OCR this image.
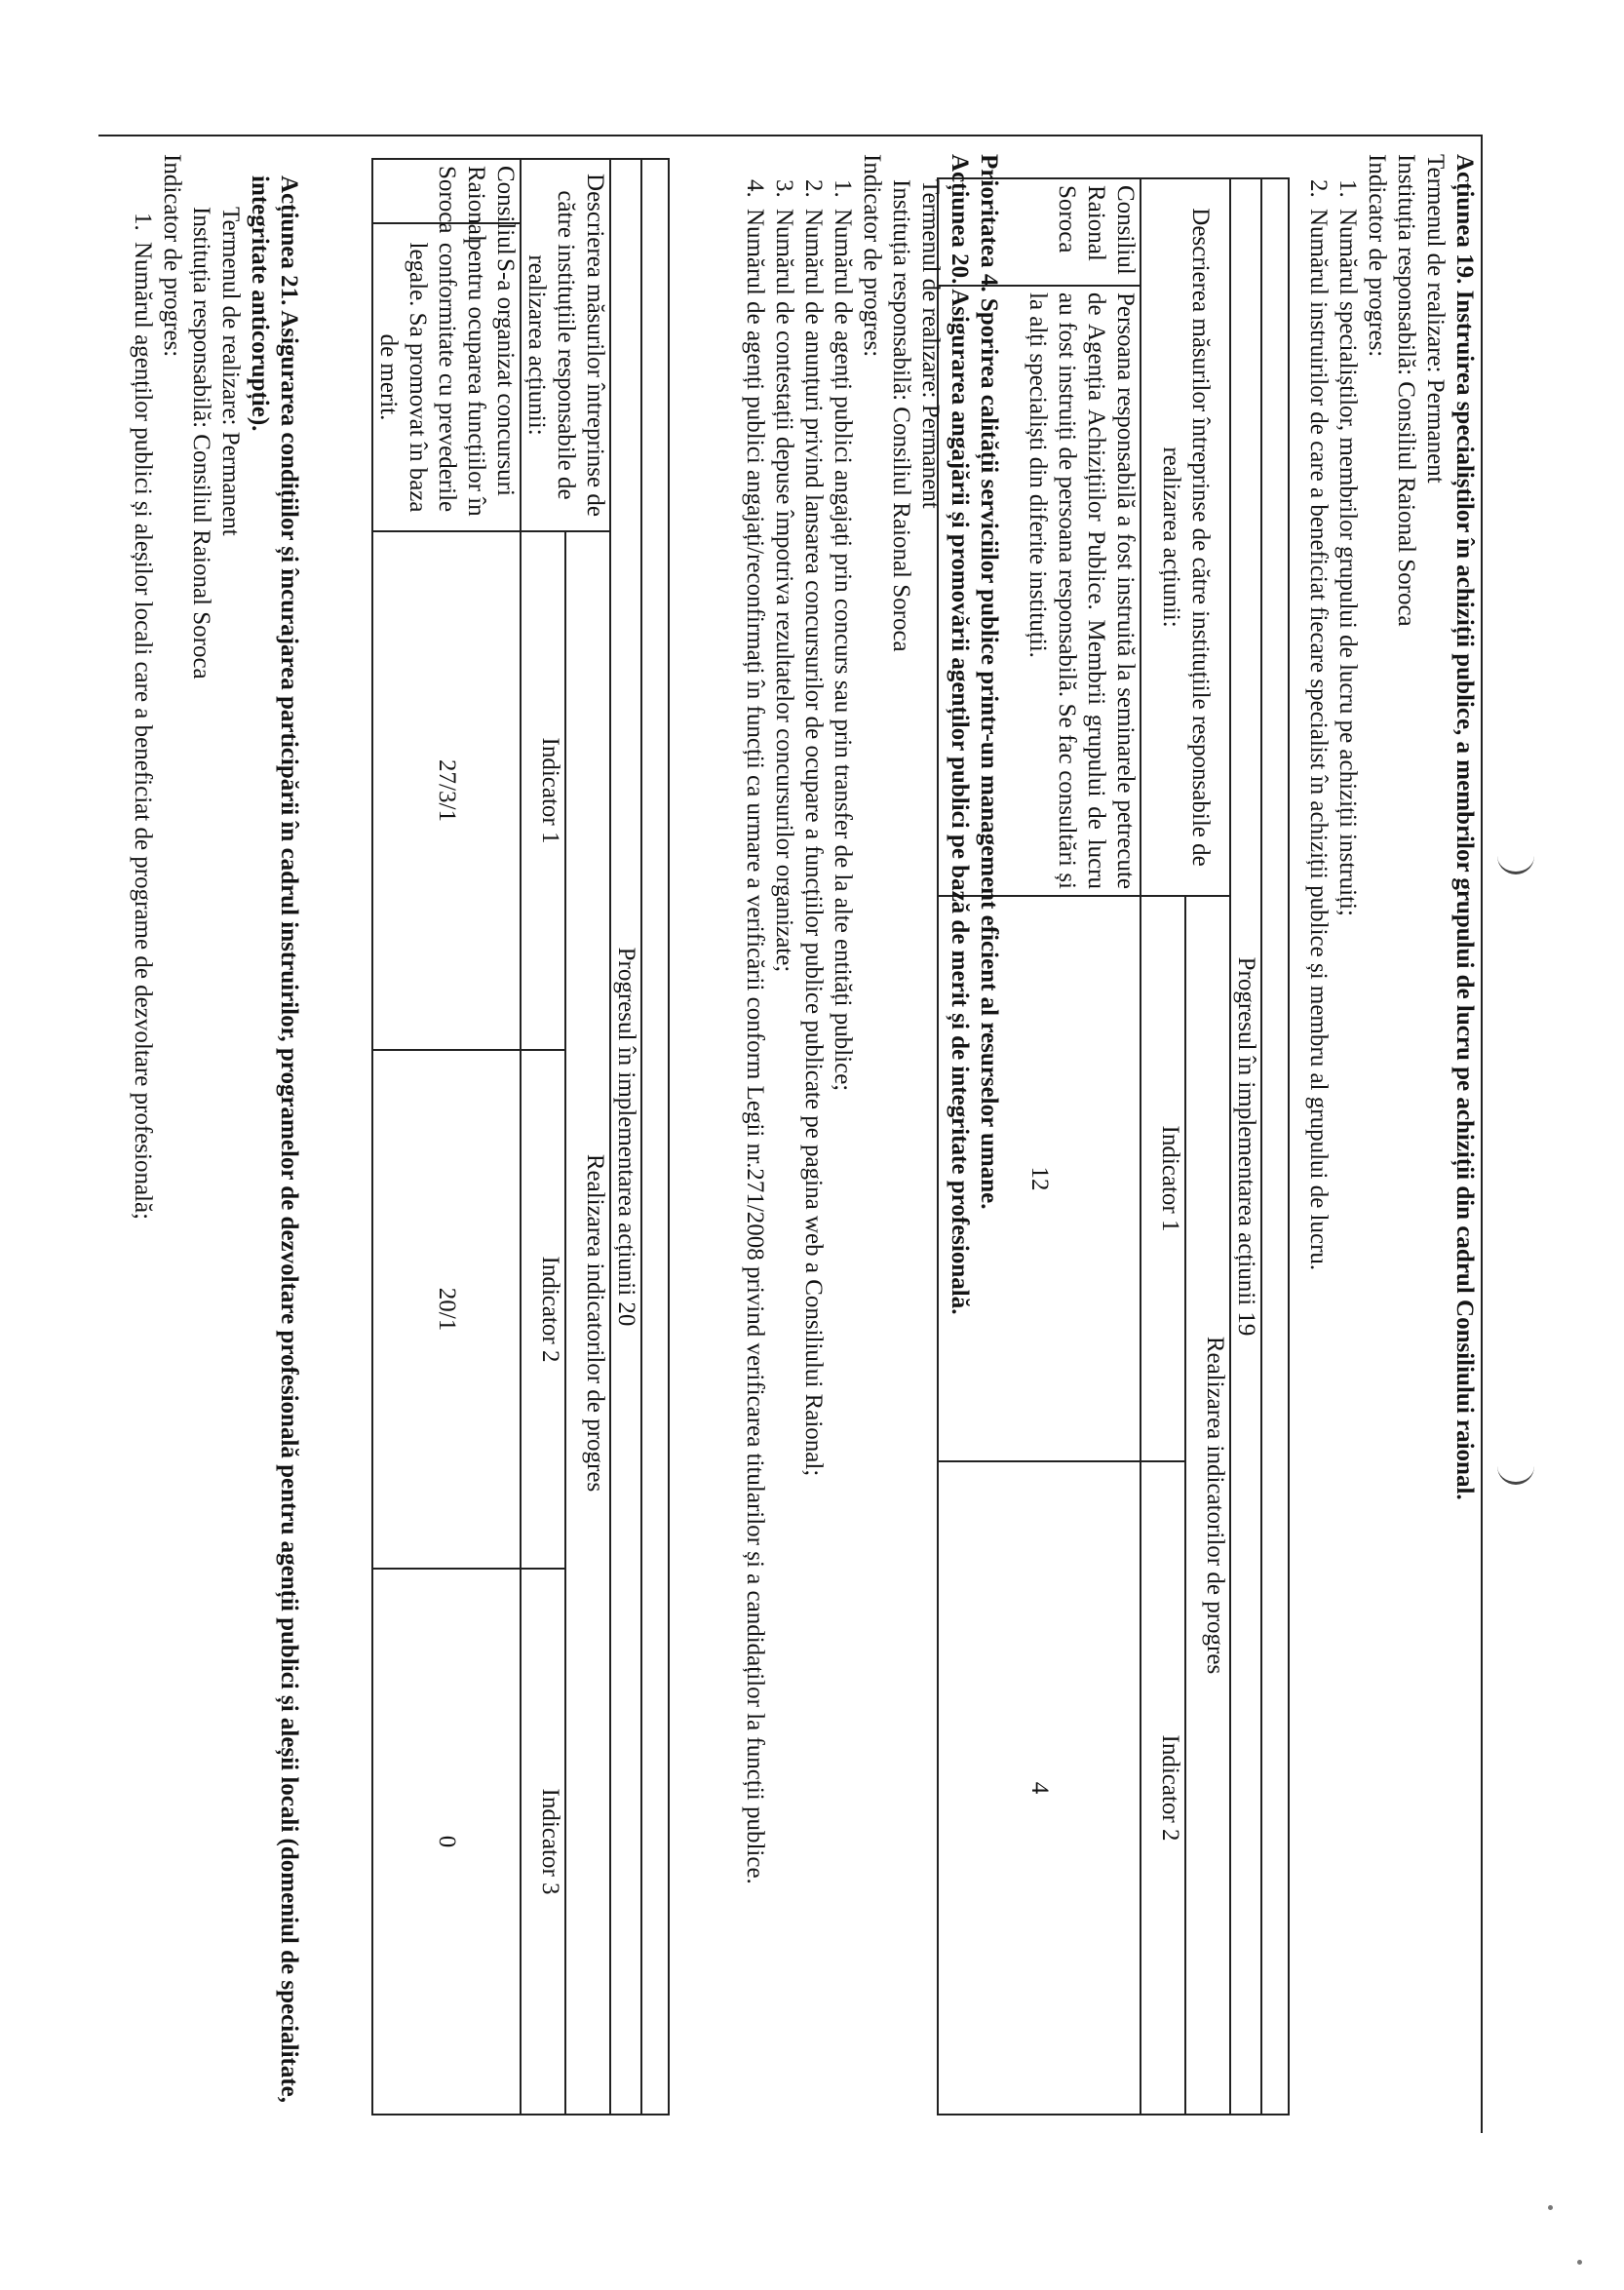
Acțiunea 19. Instruirea specialiștilor în achiziții publice, a membrilor grupului de lucru pe achiziții din cadrul Consiliului raional.

Termenul de realizare: Permanent

Instituția responsabilă: Consiliul Raional Soroca

Indicator de progres:

1.
Numărul specialiștilor, membrilor grupului de lucru pe achiziții instruiți;
2.
Numărul instruirilor de care a beneficiat fiecare specialist în achiziții publice și membru al grupului de lucru.

Progresul în implementarea acțiunii 19			
Descrierea măsurilor întreprinse de către instituțiile responsabile de realizarea acțiunii:		Realizarea indicatorilor de progres	
		Indicator 1	Indicator 2
Consiliul Raional Soroca	Persoana responsabilă a fost instruită la seminarele petrecute de Agenția Achizițiilor Publice. Membrii grupului de lucru au fost instruiți de persoana responsabilă. Se fac consultări și la alți specialiști din diferite instituții.	12	4

Prioritatea 4. Sporirea calității serviciilor publice printr-un management eficient al resurselor umane.

Acțiunea 20. Asigurarea angajării și promovării agenților publici pe bază de merit și de integritate profesională.

Termenul de realizare: Permanent

Instituția responsabilă: Consiliul Raional Soroca

Indicator de progres:

1.
Numărul de agenți publici angajați prin concurs sau prin transfer de la alte entități publice;
2.
Numărul de anunțuri privind lansarea concursurilor de ocupare a funcțiilor publice publicate pe pagina web a Consiliului Raional;
3.
Numărul de contestații depuse împotriva rezultatelor concursurilor organizate;
4.
Numărul de agenți publici angajați/reconfirmați în funcții ca urmare a verificării conform Legii nr.271/2008 privind verificarea titularilor și a candidaților la funcții publice.

Progresul în implementarea acțiunii 20				
Descrierea măsurilor întreprinse de către instituțiile responsabile de realizarea acțiunii:		Realizarea indicatorilor de progres		
		Indicator 1	Indicator 2	Indicator 3
Consiliul Raional Soroca	S-a organizat concursuri pentru ocuparea funcțiilor în conformitate cu prevederile legale. Sa promovat în baza de merit.	27/3/1	20/1	0

Acțiunea 21. Asigurarea condițiilor și încurajarea participării în cadrul instruirilor, programelor de dezvoltare profesională pentru agenții publici și aleșii locali (domeniul de specialitate, integritate anticorupție).

Termenul de realizare: Permanent

Instituția responsabilă: Consiliul Raional Soroca

Indicator de progres:

1.
Numărul agenților publici și aleșilor locali care a beneficiat de programe de dezvoltare profesională;
